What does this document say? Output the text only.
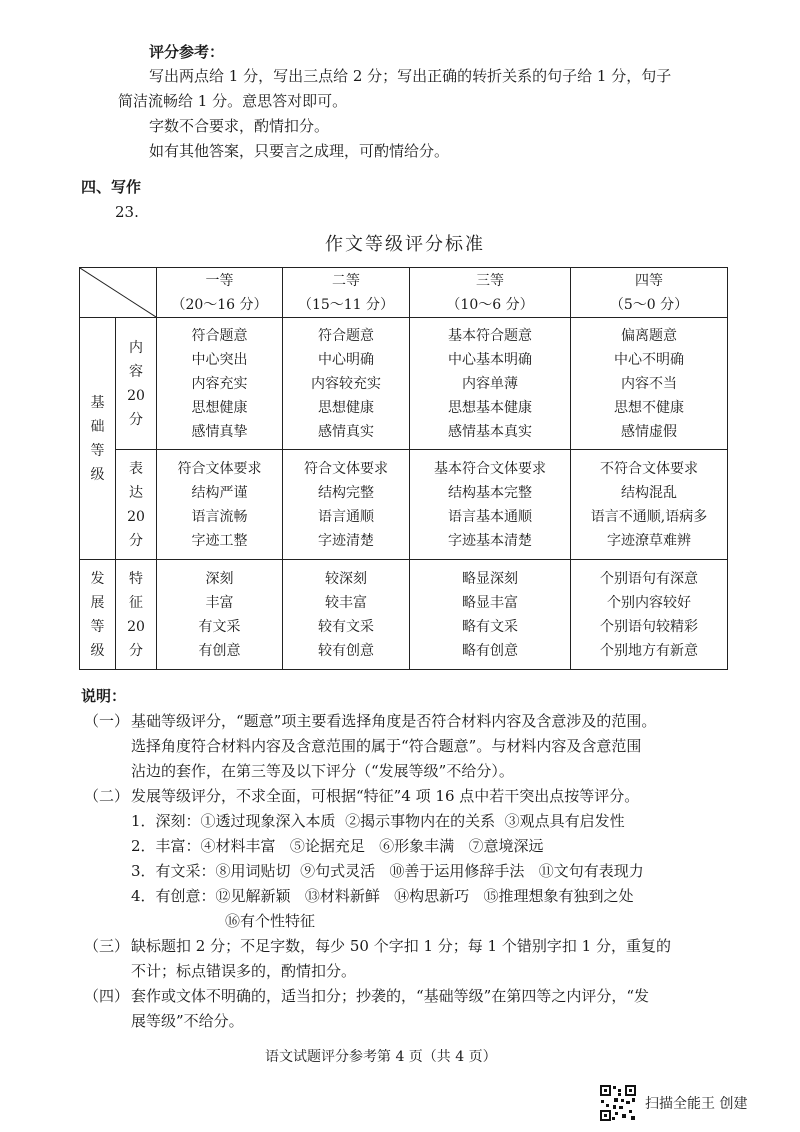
评分参考：
写出两点给 1 分，写出三点给 2 分；写出正确的转折关系的句子给 1 分，句子
简洁流畅给 1 分。意思答对即可。
字数不合要求，酌情扣分。
如有其他答案，只要言之成理，可酌情给分。
四、写作
23.
作文等级评分标准

一等
（20～16 分）	二等
（15～11 分）	三等
（10～6 分）	四等
（5～0 分）

基
础
等
级	内
容
20
分	符合题意
中心突出
内容充实
思想健康
感情真挚	符合题意
中心明确
内容较充实
思想健康
感情真实	基本符合题意
中心基本明确
内容单薄
思想基本健康
感情基本真实	偏离题意
中心不明确
内容不当
思想不健康
感情虚假

	表
达
20
分	符合文体要求
结构严谨
语言流畅
字迹工整	符合文体要求
结构完整
语言通顺
字迹清楚	基本符合文体要求
结构基本完整
语言基本通顺
字迹基本清楚	不符合文体要求
结构混乱
语言不通顺,语病多
字迹潦草难辨

发
展
等
级	特
征
20
分	深刻
丰富
有文采
有创意	较深刻
较丰富
较有文采
较有创意	略显深刻
略显丰富
略有文采
略有创意	个别语句有深意
个别内容较好
个别语句较精彩
个别地方有新意
说明：
（一） 基础等级评分，“题意”项主要看选择角度是否符合材料内容及含意涉及的范围。
选择角度符合材料内容及含意范围的属于“符合题意”。与材料内容及含意范围
沾边的套作，在第三等及以下评分（“发展等级”不给分）。
（二） 发展等级评分，不求全面，可根据“特征”4 项 16 点中若干突出点按等评分。
1．深刻：①透过现象深入本质  ②揭示事物内在的关系  ③观点具有启发性
2．丰富：④材料丰富   ⑤论据充足   ⑥形象丰满   ⑦意境深远
3．有文采：⑧用词贴切  ⑨句式灵活   ⑩善于运用修辞手法   ⑪文句有表现力
4．有创意：⑫见解新颖   ⑬材料新鲜   ⑭构思新巧   ⑮推理想象有独到之处
⑯有个性特征
（三） 缺标题扣 2 分；不足字数，每少 50 个字扣 1 分；每 1 个错别字扣 1 分，重复的
不计；标点错误多的，酌情扣分。
（四） 套作或文体不明确的，适当扣分；抄袭的，“基础等级”在第四等之内评分，“发
展等级”不给分。
语文试题评分参考第 4 页（共 4 页）
扫描全能王 创建
